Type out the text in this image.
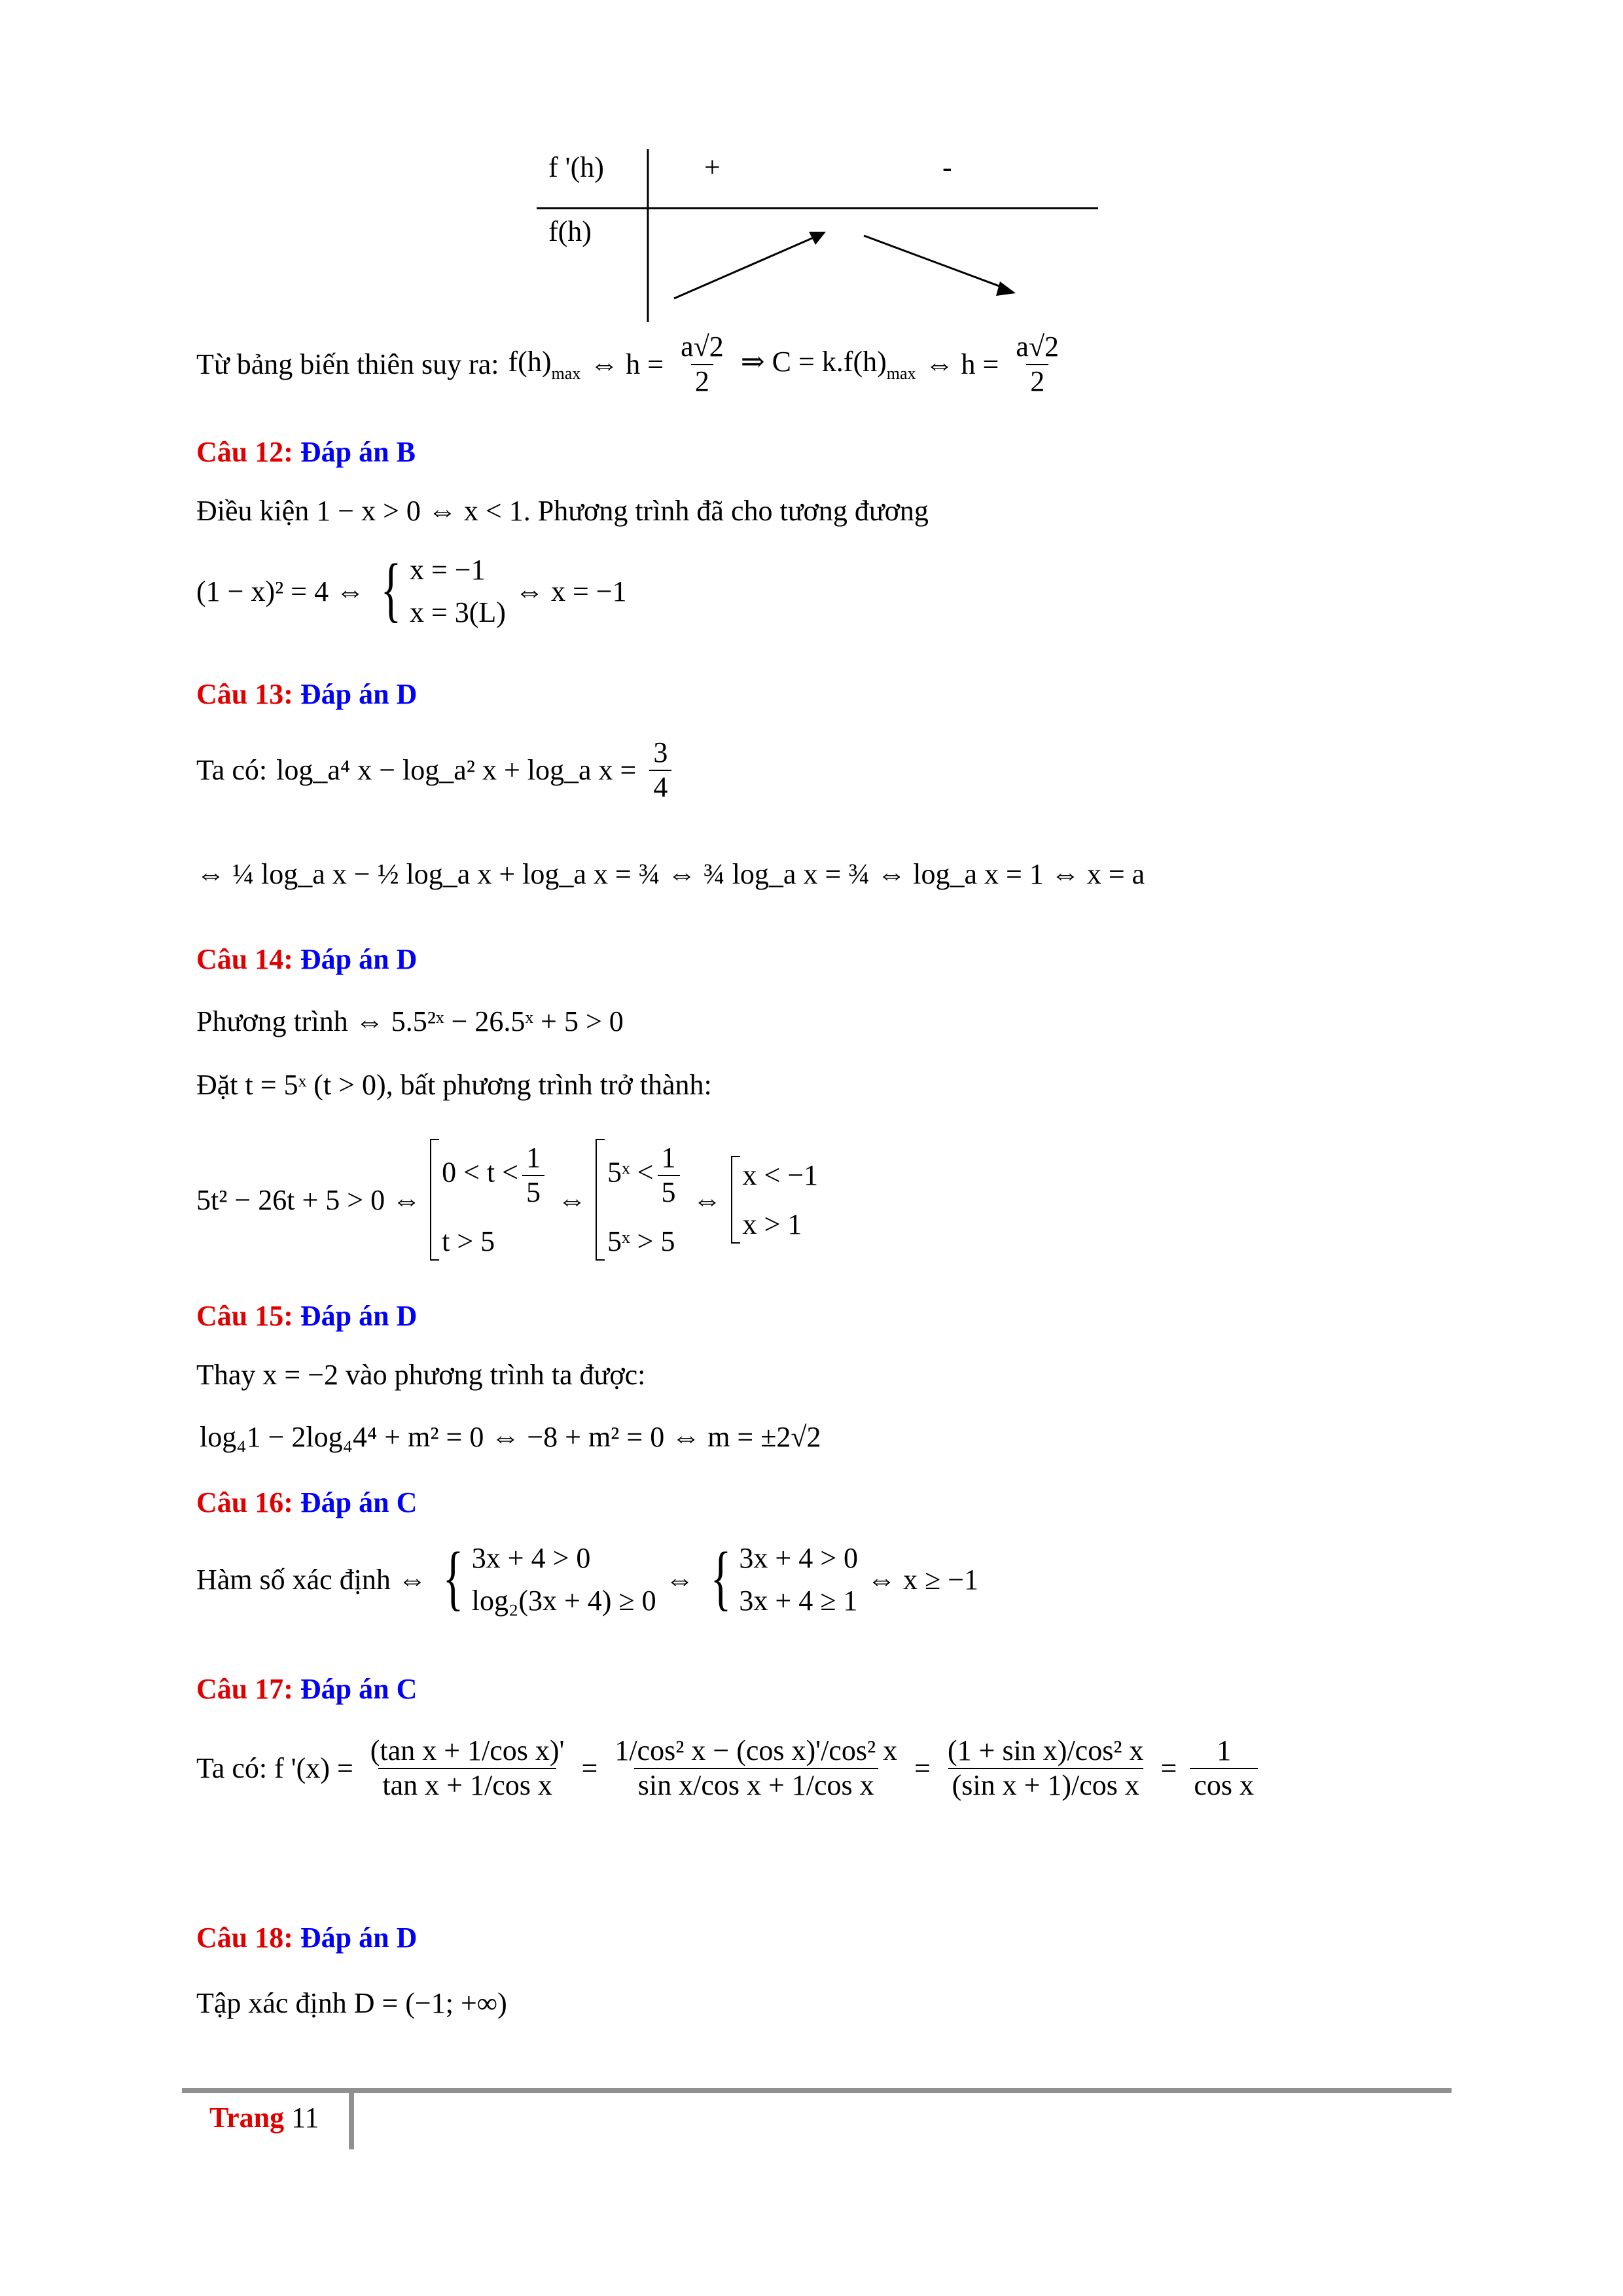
f '(h)	+	-
f(h)
Từ bảng biến thiên suy ra: $f(h)_{max}$ ⇔ $h = \frac{a√2}{2}$ ⇒ $C = k.f(h)_{max}$ ⇔ $h = \frac{a√2}{2}$
Câu 12: Đáp án B
Điều kiện 1 − x > 0 ⇔ x < 1. Phương trình đã cho tương đương
(1 − x)² = 4 ⇔ { x = −1
x = 3(L)
⇔ x = −1
Câu 13: Đáp án D
Ta có: log_a⁴ x − log_a² x + log_a $x = \frac{3}{4}$
⇔ ¼ log_a x − ½ log_a x + log_a x = ¾ ⇔ ¾ log_a x = ¾ ⇔ log_a x = 1 ⇔ x = a
Câu 14: Đáp án D
Phương trình ⇔ 5.5²ˣ − 26.5ˣ + 5 > 0
Đặt t = 5ˣ (t > 0), bất phương trình trở thành:
5t² − 26t + 5 > 0 ⇔
$0 < t < \frac{1}{5}$
t > 5
⇔
5ˣ < $\frac{1}{5}$
5ˣ > 5
⇔
x < −1
x > 1
Câu 15: Đáp án D
Thay x = −2 vào phương trình ta được:
log₄1 − 2log₄4⁴ + m² = 0 ⇔ −8 + m² = 0 ⇔ m = ±2√2
Câu 16: Đáp án C
Hàm số xác định ⇔ { 3x + 4 > 0
log₂(3x + 4) ≥ 0
⇔ { 3x + 4 > 0
3x + 4 ≥ 1
⇔ x ≥ −1
Câu 17: Đáp án C
Ta có: f '$(x) = \frac{\text{(tan x + 1/cos x)'}}{\text{tan x + 1/cos x}} = \frac{\text{1/cos² x − (cos x)'/cos² x}}{\text{sin x/cos x + 1/cos x}} = \frac{\text{(1 + sin x)/cos² x}}{\text{(sin x + 1)/cos x}} = \frac{1}{\text{cos x}}$
Câu 18: Đáp án D
Tập xác định D = (−1; +∞)
Trang 11
